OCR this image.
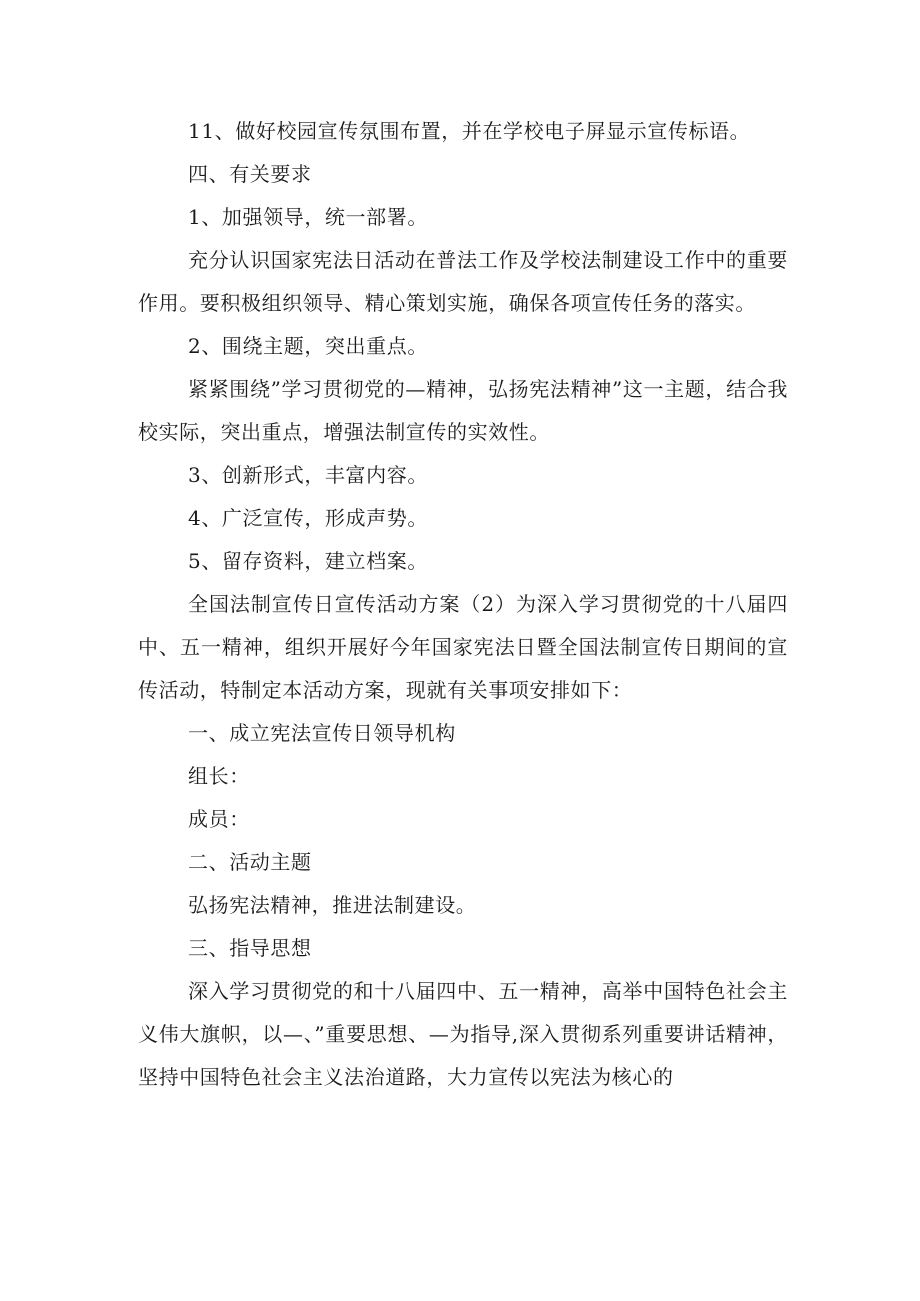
11、做好校园宣传氛围布置，并在学校电子屏显示宣传标语。

四、有关要求

1、加强领导，统一部署。

充分认识国家宪法日活动在普法工作及学校法制建设工作中的重要作用。要积极组织领导、精心策划实施，确保各项宣传任务的落实。

2、围绕主题，突出重点。

紧紧围绕”学习贯彻党的—精神，弘扬宪法精神”这一主题，结合我校实际，突出重点，增强法制宣传的实效性。

3、创新形式，丰富内容。

4、广泛宣传，形成声势。

5、留存资料，建立档案。

全国法制宣传日宣传活动方案（2）为深入学习贯彻党的十八届四中、五一精神，组织开展好今年国家宪法日暨全国法制宣传日期间的宣传活动，特制定本活动方案，现就有关事项安排如下：

一、成立宪法宣传日领导机构

组长：

成员：

二、活动主题

弘扬宪法精神，推进法制建设。

三、指导思想

深入学习贯彻党的和十八届四中、五一精神，高举中国特色社会主义伟大旗帜，以—、”重要思想、—为指导,深入贯彻系列重要讲话精神，坚持中国特色社会主义法治道路，大力宣传以宪法为核心的
